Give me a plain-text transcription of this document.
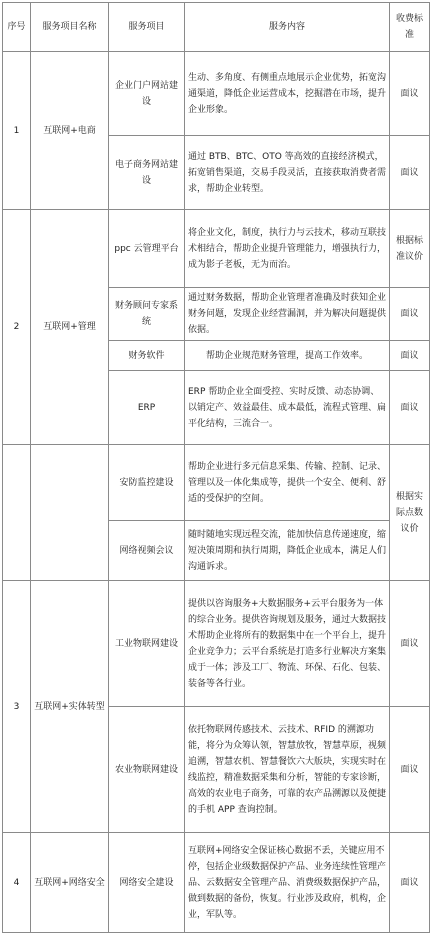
序号	服务项目名称	服务项目	服务内容	收费标准
1	互联网+电商	企业门户网站建设	生动、多角度、有侧重点地展示企业优势，拓宽沟通渠道，降低企业运营成本，挖掘潜在市场，提升企业形象。	面议
		电子商务网站建设	通过 BTB、BTC、OTO 等高效的直接经济模式，拓宽销售渠道，交易手段灵活，直接获取消费者需求，帮助企业转型。	面议
2	互联网+管理	ppc 云管理平台	将企业文化，制度，执行力与云技术，移动互联技术相结合，帮助企业提升管理能力，增强执行力，成为影子老板，无为而治。	根据标准议价
		财务顾问专家系统	通过财务数据，帮助企业管理者准确及时获知企业财务问题，发现企业经营漏洞，并为解决问题提供依据。	面议
		财务软件	帮助企业规范财务管理，提高工作效率。	面议
		ERP	ERP 帮助企业全面受控、实时反馈、动态协调、以销定产、效益最佳、成本最低，流程式管理、扁平化结构，三流合一。	面议
		安防监控建设	帮助企业进行多元信息采集、传输、控制、记录、管理以及一体化集成等，提供一个安全、便利、舒适的受保护的空间。	根据实际点数议价
		网络视频会议	随时随地实现远程交流，能加快信息传递速度，缩短决策周期和执行周期，降低企业成本，满足人们沟通诉求。	
3	互联网+实体转型	工业物联网建设	提供以咨询服务+大数据服务+云平台服务为一体的综合业务。提供咨询规划及服务，通过大数据技术帮助企业将所有的数据集中在一个平台上，提升企业竞争力；云平台系统是打造多行业解决方案集成于一体；涉及工厂、物流、环保、石化、包装、装备等各行业。	面议
		农业物联网建设	依托物联网传感技术、云技术、RFID 的溯源功能，将分为众筹认领，智慧放牧，智慧草原，视频追溯，智慧农机、智慧餐饮六大版块，实现实时在线监控，精准数据采集和分析，智能的专家诊断，高效的农业电子商务，可靠的农产品溯源以及便捷的手机 APP 查询控制。	面议
4	互联网+网络安全	网络安全建设	互联网+网络安全保证核心数据不丢，关键应用不停，包括企业级数据保护产品、业务连续性管理产品、云数据安全管理产品、消费级数据保护产品，做到数据的备份，恢复。行业涉及政府，机构，企业，军队等。	面议
